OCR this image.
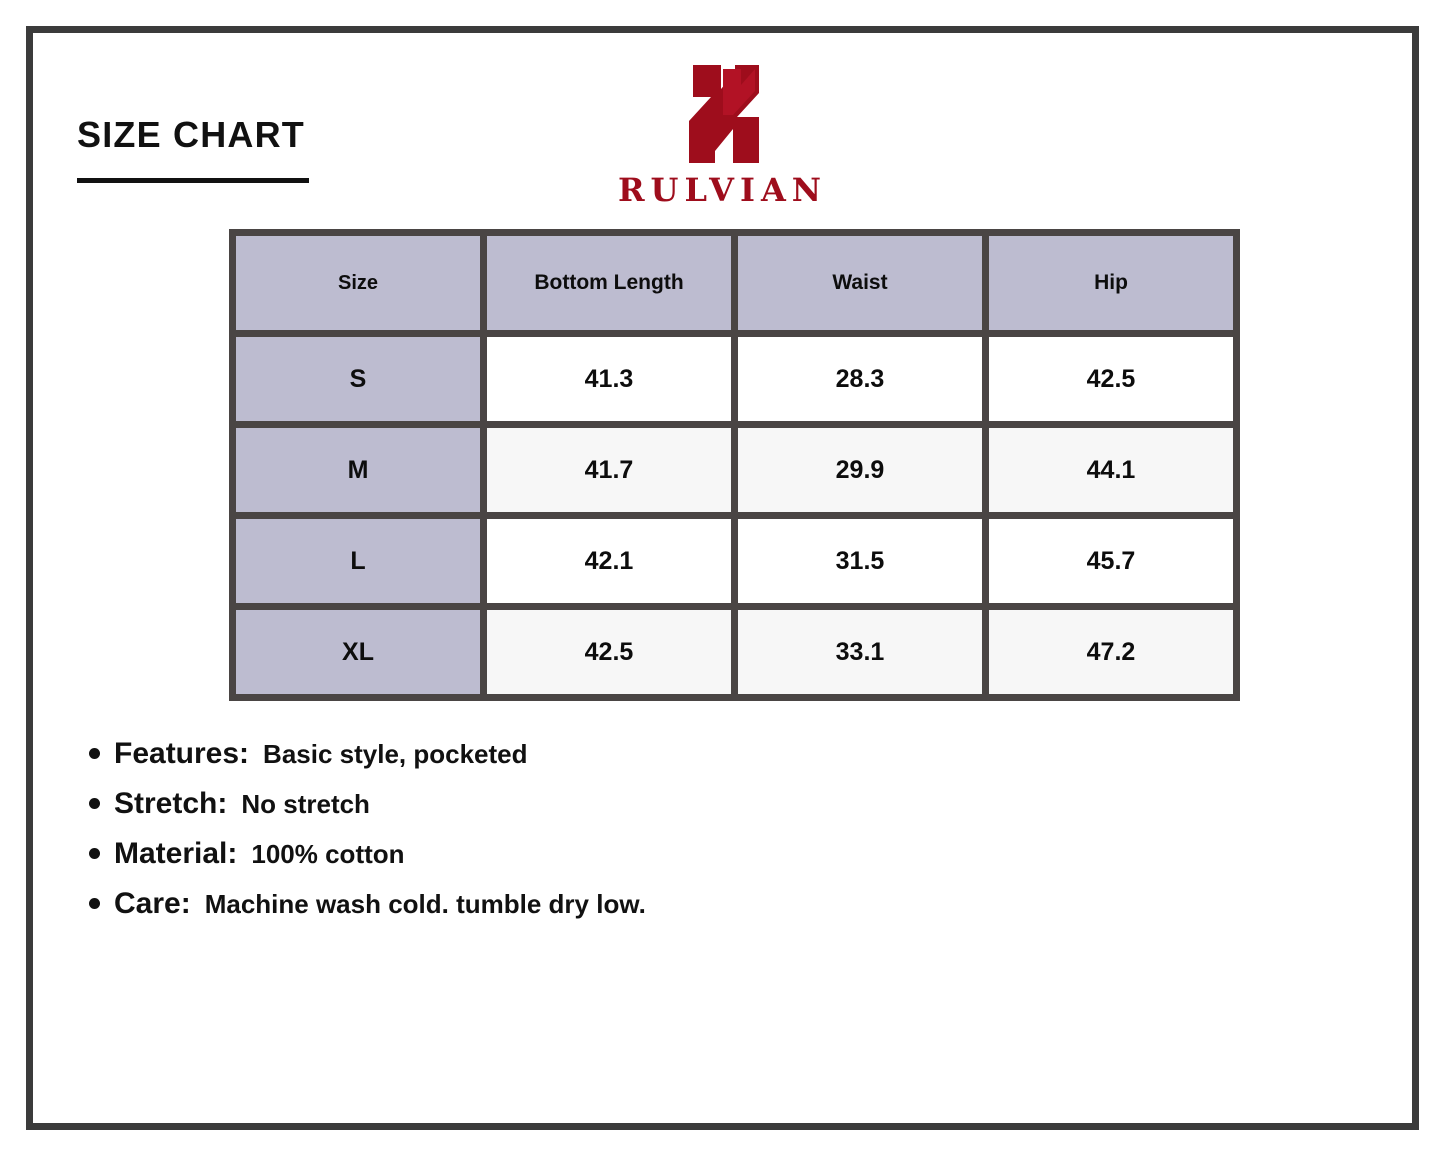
SIZE CHART
RULVIAN
Size	Bottom Length	Waist	Hip
S	41.3	28.3	42.5
M	41.7	29.9	44.1
L	42.1	31.5	45.7
XL	42.5	33.1	47.2
Features: Basic style, pocketed
Stretch: No stretch
Material: 100% cotton
Care: Machine wash cold. tumble dry low.
